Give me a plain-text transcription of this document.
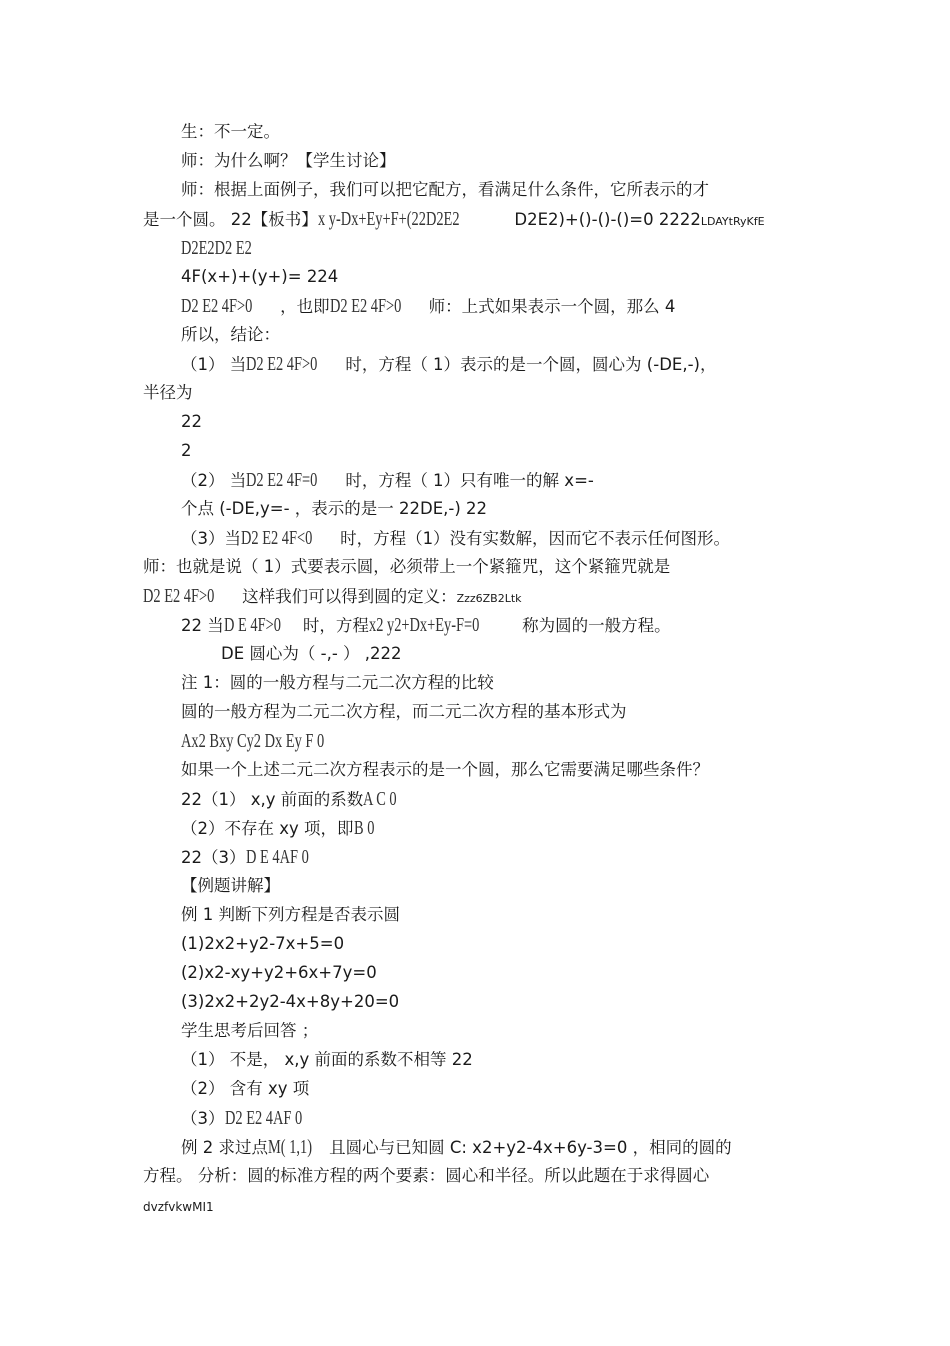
生：不一定。
师：为什么啊？【学生讨论】
师：根据上面例子，我们可以把它配方，看满足什么条件，它所表示的才
是一个圆。 22【板书】x y-Dx+Ey+F+(22D2E2	D2E2)+()-()-()=0 2222LDAYtRyKfE
D2E2D2 E2
4F(x+)+(y+)= 224
D2 E2 4F>0 ，也即D2 E2 4F>0师：上式如果表示一个圆，那么 4
所以，结论：
（1） 当D2 E2 4F>0时，方程（ 1）表示的是一个圆，圆心为 (-DE,-)，
半径为
22
2
（2） 当D2 E2 4F=0时，方程（ 1）只有唯一的解 x=-
个点 (-DE,y=- ，表示的是一 22DE,-) 22
（3）当D2 E2 4F<0时，方程（1）没有实数解，因而它不表示任何图形。
师：也就是说（ 1）式要表示圆，必须带上一个紧箍咒，这个紧箍咒就是
D2 E2 4F>0这样我们可以得到圆的定义：Zzz6ZB2Ltk
22 当D E 4F>0时，方程x2 y2+Dx+Ey-F=0	称为圆的一般方程。
DE 圆心为（ -,- ） ,222
注 1：圆的一般方程与二元二次方程的比较
圆的一般方程为二元二次方程，而二元二次方程的基本形式为
Ax2 Bxy Cy2 Dx Ey F 0
如果一个上述二元二次方程表示的是一个圆，那么它需要满足哪些条件？
22（1） x,y 前面的系数A C 0
（2）不存在 xy 项，即B 0
22（3）D E 4AF 0
【例题讲解】
例 1 判断下列方程是否表示圆
(1)2x2+y2-7x+5=0
(2)x2-xy+y2+6x+7y=0
(3)2x2+2y2-4x+8y+20=0
学生思考后回答 ；
（1） 不是， x,y 前面的系数不相等 22
（2） 含有 xy 项
（3）D2 E2 4AF 0
例 2 求过点M( 1,1)且圆心与已知圆 C: x2+y2-4x+6y-3=0 ，相同的圆的
方程。 分析：圆的标准方程的两个要素：圆心和半径。所以此题在于求得圆心
dvzfvkwMI1
